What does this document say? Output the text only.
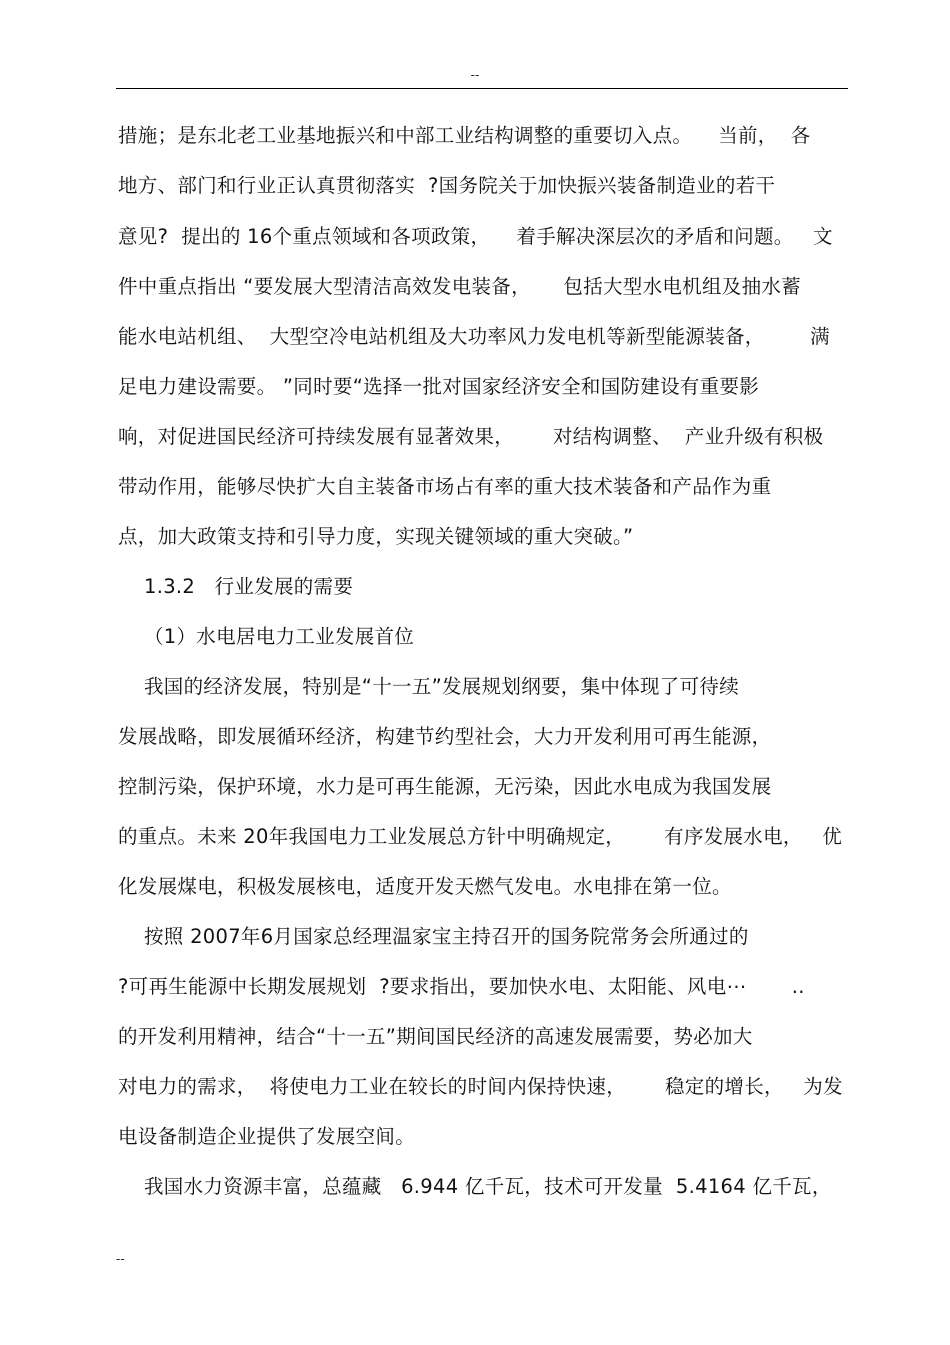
--
措施；是东北老工业基地振兴和中部工业结构调整的重要切入点。    当前，  各
地方、部门和行业正认真贯彻落实  ?国务院关于加快振兴装备制造业的若干
意见?  提出的 16个重点领域和各项政策，    着手解决深层次的矛盾和问题。   文
件中重点指出 “要发展大型清洁高效发电装备，     包括大型水电机组及抽水蓄
能水电站机组、  大型空冷电站机组及大功率风力发电机等新型能源装备，       满
足电力建设需要。 ”同时要“选择一批对国家经济安全和国防建设有重要影
响，对促进国民经济可持续发展有显著效果，      对结构调整、  产业升级有积极
带动作用，能够尽快扩大自主装备市场占有率的重大技术装备和产品作为重
点，加大政策支持和引导力度，实现关键领域的重大突破。”
1.3.2   行业发展的需要
（1）水电居电力工业发展首位
我国的经济发展，特别是“十一五”发展规划纲要，集中体现了可待续
发展战略，即发展循环经济，构建节约型社会，大力开发利用可再生能源，
控制污染，保护环境，水力是可再生能源，无污染，因此水电成为我国发展
的重点。未来 20年我国电力工业发展总方针中明确规定，      有序发展水电，   优
化发展煤电，积极发展核电，适度开发天燃气发电。水电排在第一位。
按照 2007年6月国家总经理温家宝主持召开的国务院常务会所通过的
?可再生能源中长期发展规划  ?要求指出，要加快水电、太阳能、风电⋯       ..
的开发利用精神，结合“十一五”期间国民经济的高速发展需要，势必加大
对电力的需求，  将使电力工业在较长的时间内保持快速，      稳定的增长，   为发
电设备制造企业提供了发展空间。
我国水力资源丰富，总蕴藏   6.944 亿千瓦，技术可开发量  5.4164 亿千瓦，
--
